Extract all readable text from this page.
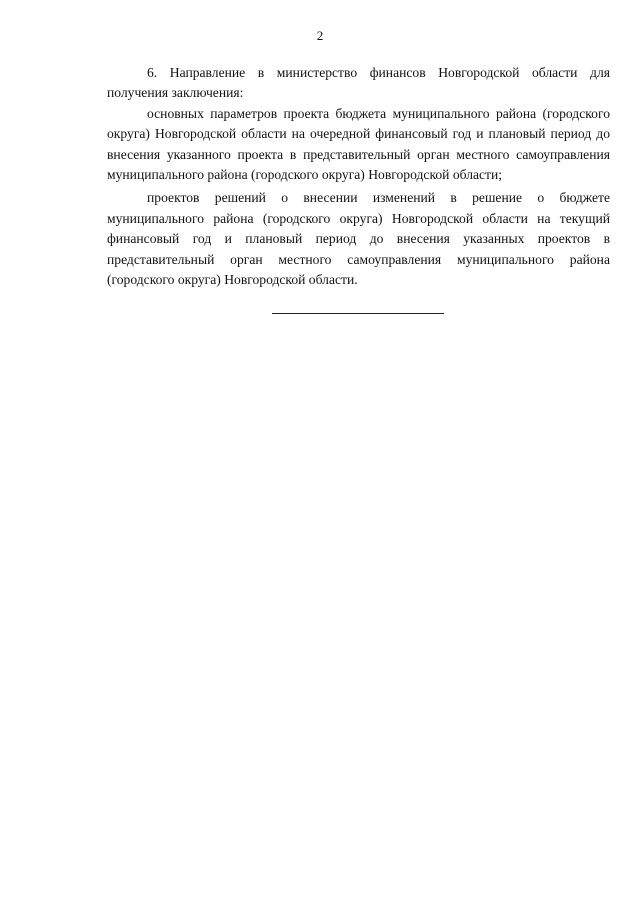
2

6. Направление в министерство финансов Новгородской области для получения заключения:

основных параметров проекта бюджета муниципального района (городского округа) Новгородской области на очередной финансовый год и плановый период до внесения указанного проекта в представительный орган местного самоуправления муниципального района (городского округа) Новгородской области;

проектов решений о внесении изменений в решение о бюджете муниципального района (городского округа) Новгородской области на текущий финансовый год и плановый период до внесения указанных проектов в представительный орган местного самоуправления муниципального района (городского округа) Новгородской области.
